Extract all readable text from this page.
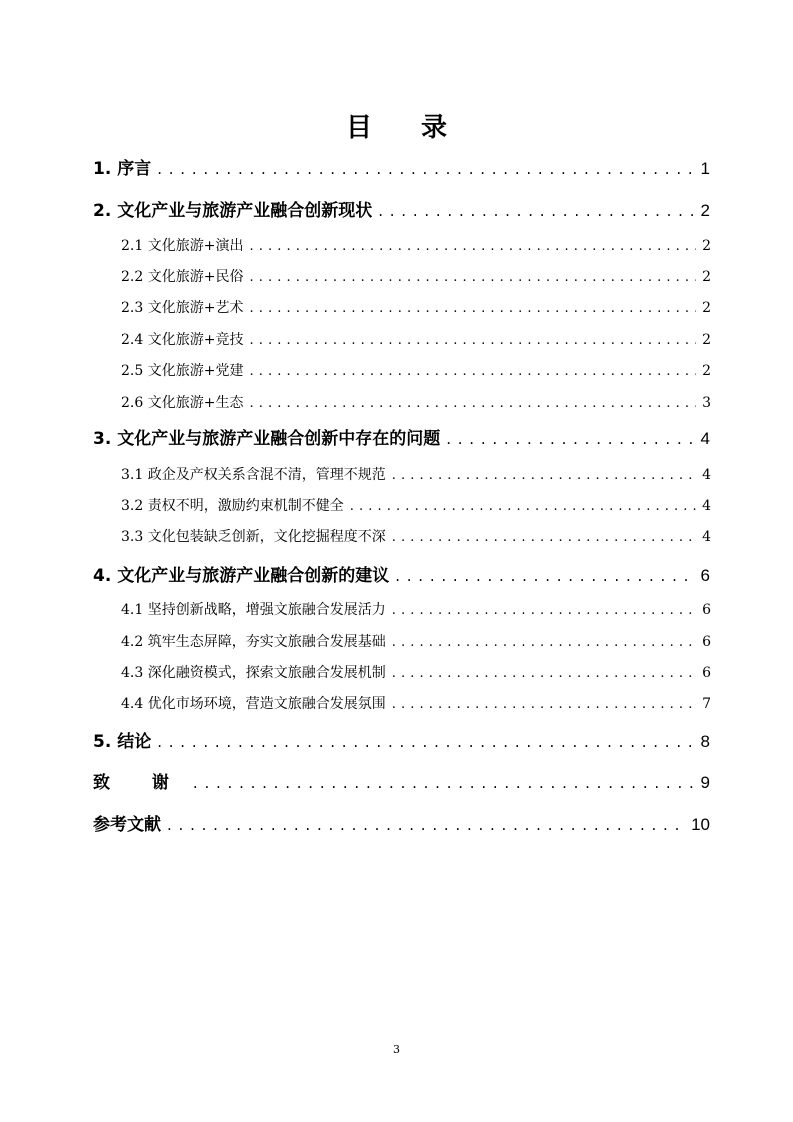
目 录
1. 序言 . . .	1
2. 文化产业与旅游产业融合创新现状 . . .	2
2.1 文化旅游+演出 . . .	2
2.2 文化旅游+民俗 . . .	2
2.3 文化旅游+艺术 . . .	2
2.4 文化旅游+竞技 . . .	2
2.5 文化旅游+党建 . . .	2
2.6 文化旅游+生态 . . .	3
3. 文化产业与旅游产业融合创新中存在的问题 . . .	4
3.1 政企及产权关系含混不清，管理不规范 . . .	4
3.2 责权不明，激励约束机制不健全 . . .	4
3.3 文化包装缺乏创新，文化挖掘程度不深 . . .	4
4. 文化产业与旅游产业融合创新的建议 . . .	6
4.1 坚持创新战略，增强文旅融合发展活力 . . .	6
4.2 筑牢生态屏障，夯实文旅融合发展基础 . . .	6
4.3 深化融资模式，探索文旅融合发展机制 . . .	6
4.4 优化市场环境，营造文旅融合发展氛围 . . .	7
5. 结论 . . .	8
致 谢 . . .	9
参考文献 . . .	10
3
